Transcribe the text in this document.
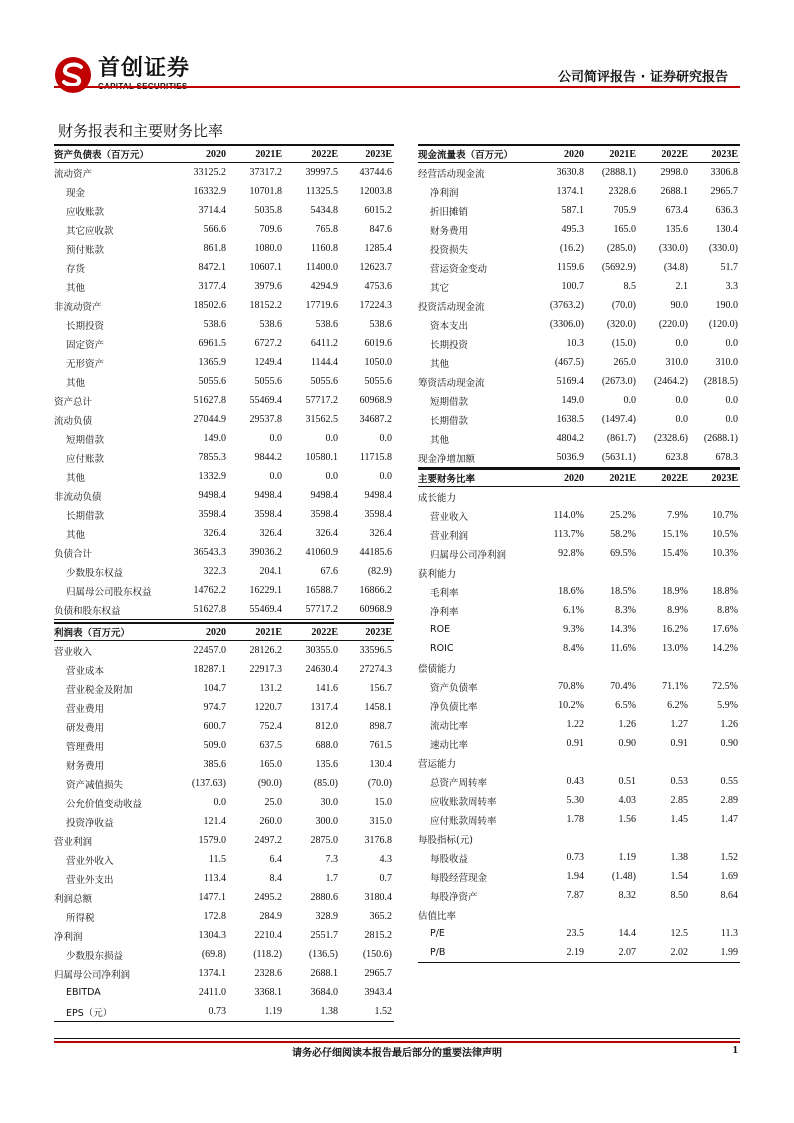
首创证券	公司简评报告 · 证券研究报告
财务报表和主要财务比率
资产负债表（百万元）	2020	2021E	2022E	2023E
流动资产	33125.2	37317.2	39997.5	43744.6
现金	16332.9	10701.8	11325.5	12003.8
应收账款	3714.4	5035.8	5434.8	6015.2
其它应收款	566.6	709.6	765.8	847.6
预付账款	861.8	1080.0	1160.8	1285.4
存货	8472.1	10607.1	11400.0	12623.7
其他	3177.4	3979.6	4294.9	4753.6
非流动资产	18502.6	18152.2	17719.6	17224.3
长期投资	538.6	538.6	538.6	538.6
固定资产	6961.5	6727.2	6411.2	6019.6
无形资产	1365.9	1249.4	1144.4	1050.0
其他	5055.6	5055.6	5055.6	5055.6
资产总计	51627.8	55469.4	57717.2	60968.9
流动负债	27044.9	29537.8	31562.5	34687.2
短期借款	149.0	0.0	0.0	0.0
应付账款	7855.3	9844.2	10580.1	11715.8
其他	1332.9	0.0	0.0	0.0
非流动负债	9498.4	9498.4	9498.4	9498.4
长期借款	3598.4	3598.4	3598.4	3598.4
其他	326.4	326.4	326.4	326.4
负债合计	36543.3	39036.2	41060.9	44185.6
少数股东权益	322.3	204.1	67.6	(82.9)
归属母公司股东权益	14762.2	16229.1	16588.7	16866.2
负债和股东权益	51627.8	55469.4	57717.2	60968.9
利润表（百万元）	2020	2021E	2022E	2023E
营业收入	22457.0	28126.2	30355.0	33596.5
营业成本	18287.1	22917.3	24630.4	27274.3
营业税金及附加	104.7	131.2	141.6	156.7
营业费用	974.7	1220.7	1317.4	1458.1
研发费用	600.7	752.4	812.0	898.7
管理费用	509.0	637.5	688.0	761.5
财务费用	385.6	165.0	135.6	130.4
资产减值损失	(137.63)	(90.0)	(85.0)	(70.0)
公允价值变动收益	0.0	25.0	30.0	15.0
投资净收益	121.4	260.0	300.0	315.0
营业利润	1579.0	2497.2	2875.0	3176.8
营业外收入	11.5	6.4	7.3	4.3
营业外支出	113.4	8.4	1.7	0.7
利润总额	1477.1	2495.2	2880.6	3180.4
所得税	172.8	284.9	328.9	365.2
净利润	1304.3	2210.4	2551.7	2815.2
少数股东损益	(69.8)	(118.2)	(136.5)	(150.6)
归属母公司净利润	1374.1	2328.6	2688.1	2965.7
EBITDA	2411.0	3368.1	3684.0	3943.4
EPS（元）	0.73	1.19	1.38	1.52
现金流量表（百万元）	2020	2021E	2022E	2023E
经营活动现金流	3630.8	(2888.1)	2998.0	3306.8
净利润	1374.1	2328.6	2688.1	2965.7
折旧摊销	587.1	705.9	673.4	636.3
财务费用	495.3	165.0	135.6	130.4
投资损失	(16.2)	(285.0)	(330.0)	(330.0)
营运资金变动	1159.6	(5692.9)	(34.8)	51.7
其它	100.7	8.5	2.1	3.3
投资活动现金流	(3763.2)	(70.0)	90.0	190.0
资本支出	(3306.0)	(320.0)	(220.0)	(120.0)
长期投资	10.3	(15.0)	0.0	0.0
其他	(467.5)	265.0	310.0	310.0
筹资活动现金流	5169.4	(2673.0)	(2464.2)	(2818.5)
短期借款	149.0	0.0	0.0	0.0
长期借款	1638.5	(1497.4)	0.0	0.0
其他	4804.2	(861.7)	(2328.6)	(2688.1)
现金净增加额	5036.9	(5631.1)	623.8	678.3
主要财务比率	2020	2021E	2022E	2023E
成长能力				
营业收入	114.0%	25.2%	7.9%	10.7%
营业利润	113.7%	58.2%	15.1%	10.5%
归属母公司净利润	92.8%	69.5%	15.4%	10.3%
获利能力				
毛利率	18.6%	18.5%	18.9%	18.8%
净利率	6.1%	8.3%	8.9%	8.8%
ROE	9.3%	14.3%	16.2%	17.6%
ROIC	8.4%	11.6%	13.0%	14.2%
偿债能力				
资产负债率	70.8%	70.4%	71.1%	72.5%
净负债比率	10.2%	6.5%	6.2%	5.9%
流动比率	1.22	1.26	1.27	1.26
速动比率	0.91	0.90	0.91	0.90
营运能力				
总资产周转率	0.43	0.51	0.53	0.55
应收账款周转率	5.30	4.03	2.85	2.89
应付账款周转率	1.78	1.56	1.45	1.47
每股指标(元)				
每股收益	0.73	1.19	1.38	1.52
每股经营现金	1.94	(1.48)	1.54	1.69
每股净资产	7.87	8.32	8.50	8.64
估值比率				
P/E	23.5	14.4	12.5	11.3
P/B	2.19	2.07	2.02	1.99
请务必仔细阅读本报告最后部分的重要法律声明	1
